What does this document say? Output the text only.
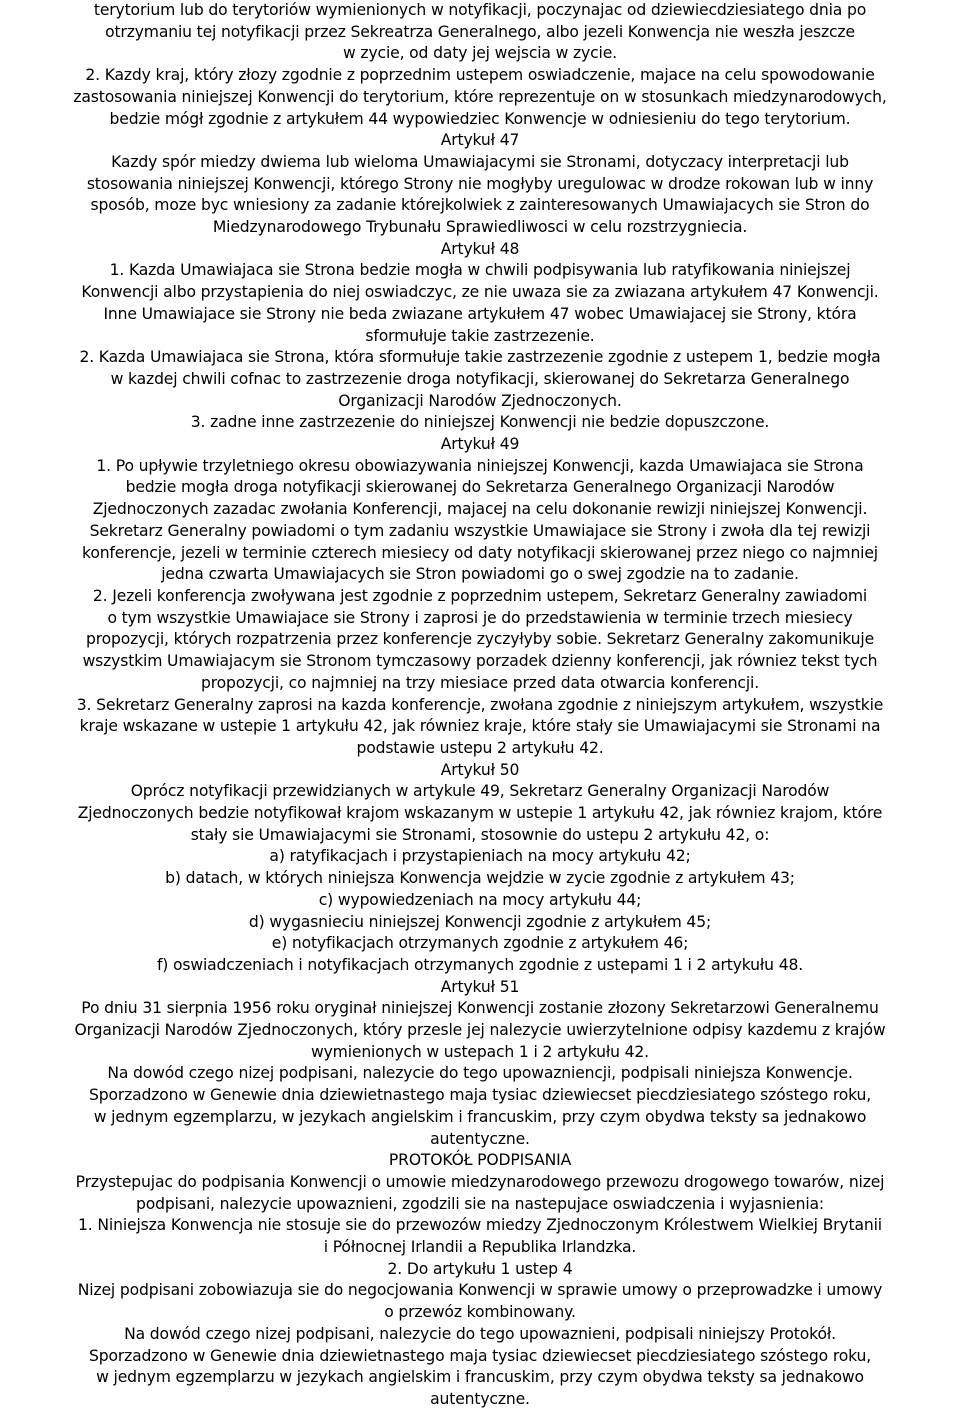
terytorium lub do terytoriów wymienionych w notyfikacji, poczynajac od dziewiecdziesiatego dnia po

otrzymaniu tej notyfikacji przez Sekreatrza Generalnego, albo jezeli Konwencja nie weszła jeszcze

w zycie, od daty jej wejscia w zycie.

2. Kazdy kraj, który złozy zgodnie z poprzednim ustepem oswiadczenie, majace na celu spowodowanie

zastosowania niniejszej Konwencji do terytorium, które reprezentuje on w stosunkach miedzynarodowych,

bedzie mógł zgodnie z artykułem 44 wypowiedziec Konwencje w odniesieniu do tego terytorium.

Artykuł 47

Kazdy spór miedzy dwiema lub wieloma Umawiajacymi sie Stronami, dotyczacy interpretacji lub

stosowania niniejszej Konwencji, którego Strony nie mogłyby uregulowac w drodze rokowan lub w inny

sposób, moze byc wniesiony za zadanie którejkolwiek z zainteresowanych Umawiajacych sie Stron do

Miedzynarodowego Trybunału Sprawiedliwosci w celu rozstrzygniecia.

Artykuł 48

1. Kazda Umawiajaca sie Strona bedzie mogła w chwili podpisywania lub ratyfikowania niniejszej

Konwencji albo przystapienia do niej oswiadczyc, ze nie uwaza sie za zwiazana artykułem 47 Konwencji.

Inne Umawiajace sie Strony nie beda zwiazane artykułem 47 wobec Umawiajacej sie Strony, która

sformułuje takie zastrzezenie.

2. Kazda Umawiajaca sie Strona, która sformułuje takie zastrzezenie zgodnie z ustepem 1, bedzie mogła

w kazdej chwili cofnac to zastrzezenie droga notyfikacji, skierowanej do Sekretarza Generalnego

Organizacji Narodów Zjednoczonych.

3. zadne inne zastrzezenie do niniejszej Konwencji nie bedzie dopuszczone.

Artykuł 49

1. Po upływie trzyletniego okresu obowiazywania niniejszej Konwencji, kazda Umawiajaca sie Strona

bedzie mogła droga notyfikacji skierowanej do Sekretarza Generalnego Organizacji Narodów

Zjednoczonych zazadac zwołania Konferencji, majacej na celu dokonanie rewizji niniejszej Konwencji.

Sekretarz Generalny powiadomi o tym zadaniu wszystkie Umawiajace sie Strony i zwoła dla tej rewizji

konferencje, jezeli w terminie czterech miesiecy od daty notyfikacji skierowanej przez niego co najmniej

jedna czwarta Umawiajacych sie Stron powiadomi go o swej zgodzie na to zadanie.

2. Jezeli konferencja zwoływana jest zgodnie z poprzednim ustepem, Sekretarz Generalny zawiadomi

o tym wszystkie Umawiajace sie Strony i zaprosi je do przedstawienia w terminie trzech miesiecy

propozycji, których rozpatrzenia przez konferencje zyczyłyby sobie. Sekretarz Generalny zakomunikuje

wszystkim Umawiajacym sie Stronom tymczasowy porzadek dzienny konferencji, jak równiez tekst tych

propozycji, co najmniej na trzy miesiace przed data otwarcia konferencji.

3. Sekretarz Generalny zaprosi na kazda konferencje, zwołana zgodnie z niniejszym artykułem, wszystkie

kraje wskazane w ustepie 1 artykułu 42, jak równiez kraje, które stały sie Umawiajacymi sie Stronami na

podstawie ustepu 2 artykułu 42.

Artykuł 50

Oprócz notyfikacji przewidzianych w artykule 49, Sekretarz Generalny Organizacji Narodów

Zjednoczonych bedzie notyfikował krajom wskazanym w ustepie 1 artykułu 42, jak równiez krajom, które

stały sie Umawiajacymi sie Stronami, stosownie do ustepu 2 artykułu 42, o:

a) ratyfikacjach i przystapieniach na mocy artykułu 42;

b) datach, w których niniejsza Konwencja wejdzie w zycie zgodnie z artykułem 43;

c) wypowiedzeniach na mocy artykułu 44;

d) wygasnieciu niniejszej Konwencji zgodnie z artykułem 45;

e) notyfikacjach otrzymanych zgodnie z artykułem 46;

f) oswiadczeniach i notyfikacjach otrzymanych zgodnie z ustepami 1 i 2 artykułu 48.

Artykuł 51

Po dniu 31 sierpnia 1956 roku oryginał niniejszej Konwencji zostanie złozony Sekretarzowi Generalnemu

Organizacji Narodów Zjednoczonych, który przesle jej nalezycie uwierzytelnione odpisy kazdemu z krajów

wymienionych w ustepach 1 i 2 artykułu 42.

Na dowód czego nizej podpisani, nalezycie do tego upowazniencji, podpisali niniejsza Konwencje.

Sporzadzono w Genewie dnia dziewietnastego maja tysiac dziewiecset piecdziesiatego szóstego roku,

w jednym egzemplarzu, w jezykach angielskim i francuskim, przy czym obydwa teksty sa jednakowo

autentyczne.

PROTOKÓŁ PODPISANIA

Przystepujac do podpisania Konwencji o umowie miedzynarodowego przewozu drogowego towarów, nizej

podpisani, nalezycie upowaznieni, zgodzili sie na nastepujace oswiadczenia i wyjasnienia:

1. Niniejsza Konwencja nie stosuje sie do przewozów miedzy Zjednoczonym Królestwem Wielkiej Brytanii

i Północnej Irlandii a Republika Irlandzka.

2. Do artykułu 1 ustep 4

Nizej podpisani zobowiazuja sie do negocjowania Konwencji w sprawie umowy o przeprowadzke i umowy

o przewóz kombinowany.

Na dowód czego nizej podpisani, nalezycie do tego upowaznieni, podpisali niniejszy Protokół.

Sporzadzono w Genewie dnia dziewietnastego maja tysiac dziewiecset piecdziesiatego szóstego roku,

w jednym egzemplarzu w jezykach angielskim i francuskim, przy czym obydwa teksty sa jednakowo

autentyczne.
